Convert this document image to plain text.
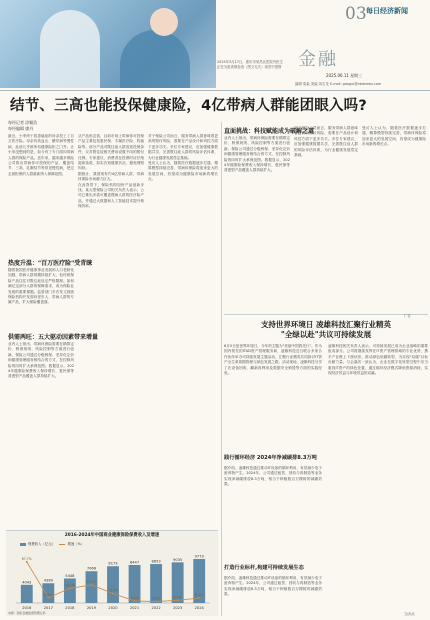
2025年3月17日，重庆市荣昌区医院内医生正在为患者做检查（图文无关）视觉中国图
03 每日经济新闻
金融
2025.06.11 星期三
编辑 梁枭 美编 刘吉龙 E-mail: gaogui@nbdnews.com
结节、三高也能投保健康险，4亿带病人群能团眼入吗?
每经记者 涂颖浩
每经编辑 廖丹
最近，小李终于将患癌症的母亲投上了百万医疗险。母亲有高血压、糖尿病等慢性病，此前几乎被所有健康险拒之门外。让小李没想到的是，如今有了专门面向带病人群的保险产品。近年来，越来越多保险公司推出带病体可投保的产品，覆盖结节、三高、乳腺结节等常见慢性病，把过去被拒保的人群重新纳入保障范围。
热度升温："百万医疗险"受青睐
随着我国医疗健康事业发展和人口老龄化加剧，带病人群规模持续扩大，但传统保险产品往往对既往症设定严格限制。如何满足这部分人群的保障需求，成为保险业发展的重要课题。监管部门多次发文鼓励保险机构开发面向老年人、带病人群的专属产品，扩大保险覆盖面。
供需两旺：五大驱动因素带来增量
业内人士指出，带病体保险需要在精算定价、核保规则、风险控制等方面进行创新。保险公司通过分级核保、差异化定价和健康管理服务相结合的方式，在控制风险的同时扩大承保范围。数据显示，2024年健康险保费收入保持增长，惠民保等普惠型产品覆盖人群持续扩大。
从产品形态看，目前市场上带病体可投保产品主要包括惠民保、专属医疗险、防癌险等。部分产品对既往症人群放宽投保条件，仅对既往症相关费用设置不同的赔付比例。专家建议，消费者在投保时应仔细阅读条款，如实告知健康状况，避免理赔纠纷。
据统计，我国现有约4亿带病人群，带病体保险市场潜力巨大。
在此背景下，保险机构加快产品创新步伐。某大型保险公司相关负责人表示，公司已推出多款可覆盖慢病人群的医疗险产品，并通过大数据和人工智能技术提升核保效率。
对于保险公司而言，服务带病人群意味着更高的赔付风险，需要在产品设计和风控方面下更多功夫。多位专家建议，应加强健康数据共享，完善既往症人群的风险评估体系，为行业健康发展奠定基础。
受访人士认为，随着医疗数据逐步打通、精算模型持续完善，带病体保险将迎来更大的发展空间，有望成为健康险市场新的增长点。
直面挑战：科技赋能成为破解之道
业内人士指出，带病体保险需要在精算定价、核保规则、风险控制等方面进行创新。保险公司通过分级核保、差异化定价和健康管理服务相结合的方式，在控制风险的同时扩大承保范围。数据显示，2024年健康险保费收入保持增长，惠民保等普惠型产品覆盖人群持续扩大。
对于保险公司而言，服务带病人群意味着更高的赔付风险，需要在产品设计和风控方面下更多功夫。多位专家建议，应加强健康数据共享，完善既往症人群的风险评估体系，为行业健康发展奠定基础。
受访人士认为，随着医疗数据逐步打通、精算模型持续完善，带病体保险将迎来更大的发展空间，有望成为健康险市场新的增长点。
2016-2024年中国商业健康保险保费收入及增速
保费收入（亿元）	增速（%）
4043
2016
4389
2017
5448
2018
7066
2019
8173
2020
8447
2021
8653
2022
9035
2023
9773
2024
67.7%
8.6%
24.1%
29.7%
15.7%
3.4%	2.4%	4.4%
8.2%
来源：国家金融监督管理总局
广告
支持世界环境日 凌雄科技汇聚行业精英
"全绿以赴"共议可持续发展
6月5日是世界环境日，今年的主题为"美丽中国我先行"。作为国内领先的ITAD资产管理服务商，凌雄科技近日联合多家合作伙伴举办可持续发展主题活动，汇聚行业精英共同探讨IT资产全生命周期管理与绿色发展之路。活动现场，凌雄科技分享了在设备回收、翻新再利用及数据安全销毁等方面的实践经验。
践行循环经济 2024年净减碳排8.3万吨
据介绍，凌雄科技通过推动IT设备的循环利用，有效减少电子废弃物产生。2024年，公司通过租赁、回收与再制造等业务实现净减碳排放8.3万吨，相当于种植数百万棵树的减碳效果。
打造行业标杆,构建可持续发展生态
据介绍，凌雄科技通过推动IT设备的循环利用，有效减少电子废弃物产生。2024年，公司通过租赁、回收与再制造等业务实现净减碳排放8.3万吨，相当于种植数百万棵树的减碳效果。
凌雄科技相关负责人表示，可持续发展已成为企业战略的重要组成部分。公司将继续发挥在IT资产管理领域的专业优势，携手产业链上下游伙伴，推动绿色低碳转型，为实现"双碳"目标贡献力量。与会嘉宾一致认为，企业在数字化转型过程中应当重视IT资产的绿色处置，通过循环经济模式降低资源消耗，实现经济效益与环境效益的双赢。
文/孙从
